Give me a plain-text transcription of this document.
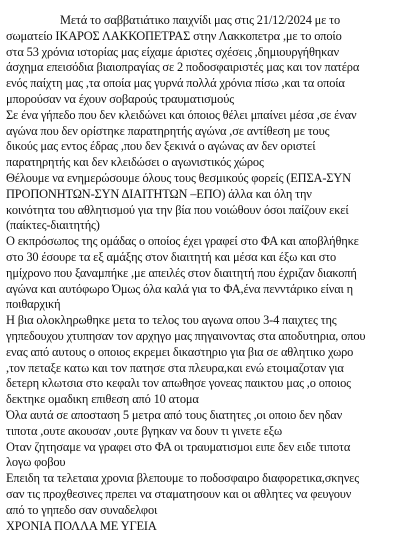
Μετά το σαββατιάτικο παιχνίδι μας στις 21/12/2024 με το
σωματείο ΙΚΑΡΟΣ ΛΑΚΚΟΠΕΤΡΑΣ στην Λακκοπετρα ,με το οποίο
στα 53 χρόνια ιστορίας μας είχαμε άριστες σχέσεις ,δημιουργήθηκαν
άσχημα επεισόδια βιαιοπραγίας σε 2 ποδοσφαιριστές μας και τον πατέρα
ενός παίχτη μας ,τα οποία μας γυρνά πολλά χρόνια πίσω ,και τα οποία
μπορούσαν να έχουν σοβαρούς τραυματισμούς
Σε ένα γήπεδο που δεν κλειδώνει και όποιος θέλει μπαίνει μέσα ,σε έναν
αγώνα που δεν ορίστηκε παρατηρητής αγώνα ,σε αντίθεση με τους
δικούς μας εντος έδρας ,που δεν ξεκινά ο αγώνας αν δεν οριστεί
παρατηρητής και δεν κλειδώσει ο αγωνιστικός χώρος
Θέλουμε να ενημερώσουμε όλους τους θεσμικούς φορείς (ΕΠΣΑ-ΣΥΝ
ΠΡΟΠΟΝΗΤΩΝ-ΣΥΝ ΔΙΑΙΤΗΤΩΝ –ΕΠΟ) άλλα και όλη την
κοινότητα του αθλητισμού για την βία που νοιώθουν όσοι παίζουν εκεί
(παίκτες-διαιτητής)
Ο εκπρόσωπος της ομάδας ο οποίος έχει γραφεί στο ΦΑ και αποβλήθηκε
στο 30 έσουρε τα εξ αμάξης στον διαιτητή και μέσα και έξω και στο
ημίχρονο που ξαναμπήκε ,με απειλές στον διαιτητή που έχριζαν διακοπή
αγώνα και αυτόφωρο Όμως όλα καλά για το ΦΑ,ένα πενντάρικο είναι η
ποιθαρχική
Η βια ολοκληρωθηκε μετα το τελος του αγωνα οπου 3-4 παιχτες της
γηπεδουχου χτυπησαν τον αρχηγο μας πηγαινοντας στα αποδυτηρια, οπου
ενας από αυτους ο οποιος εκρεμει δικαστηριο για βια σε αθλητικο χωρο
,τον πεταξε κατω και τον πατησε στα πλευρα,και ενώ ετοιμαζοταν για
δετερη κλωτσια στο κεφαλι τον απωθησε γονεας παικτου μας ,ο οποιος
δεκτηκε ομαδικη επιθεση από 10 ατομα
Όλα αυτά σε αποσταση 5 μετρα από τους διατητες ,οι οποιο δεν ηδαν
τιποτα ,ουτε ακουσαν ,ουτε βγηκαν να δουν τι γινετε εξω
Οταν ζητησαμε να γραφει στο ΦΑ οι τραυματισμοι ειπε δεν ειδε τιποτα
λογω φοβου
Επειδη τα τελεταια χρονια βλεπουμε το ποδοσφαιρο διαφορετικα,σκηνες
σαν τις προχθεσινες πρεπει να σταματησουν και οι αθλητες να φευγουν
από το γηπεδο σαν συναδελφοι
ΧΡΟΝΙΑ ΠΟΛΛΑ ΜΕ ΥΓΕΙΑ
